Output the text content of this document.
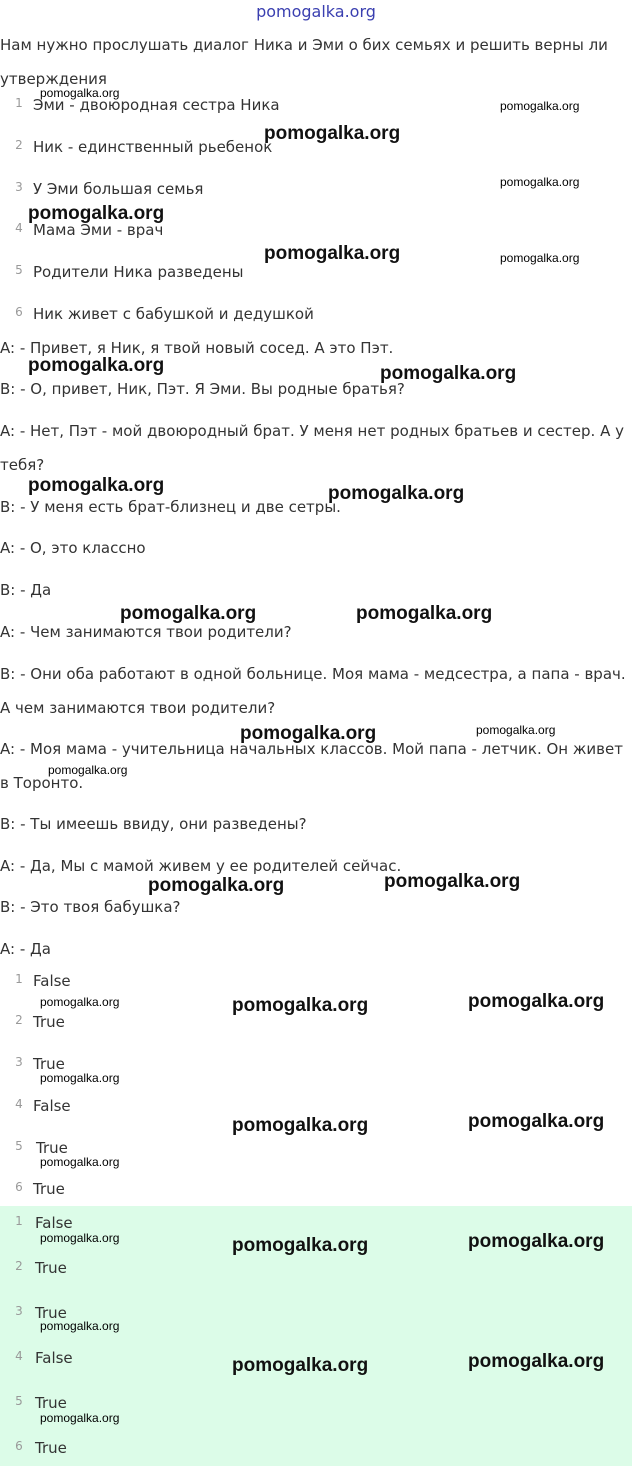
pomogalka.org
Нам нужно прослушать диалог Ника и Эми о бих семьях и решить верны ли утверждения
1 Эми - двоюродная сестра Ника
2 Ник - единственный рьебенок
3 У Эми большая семья
4 Мама Эми - врач
5 Родители Ника разведены
6 Ник живет с бабушкой и дедушкой
A: - Привет, я Ник, я твой новый сосед. А это Пэт.
B: - О, привет, Ник, Пэт. Я Эми. Вы родные братья?
A: - Нет, Пэт - мой двоюродный брат. У меня нет родных братьев и сестер. А у тебя?
B: - У меня есть брат-близнец и две сетры.
A: - О, это классно
B: - Да
A: - Чем занимаются твои родители?
B: - Они оба работают в одной больнице. Моя мама - медсестра, а папа - врач. А чем занимаются твои родители?
A: - Моя мама - учительница начальных классов. Мой папа - летчик. Он живет в Торонто.
B: - Ты имеешь ввиду, они разведены?
A: - Да, Мы с мамой живем у ее родителей сейчас.
B: - Это твоя бабушка?
A: - Да
1 False
2 True
3 True
4 False
5 True
6 True
1 False
2 True
3 True
4 False
5 True
6 True
pomogalka.org
pomogalka.org
pomogalka.org
pomogalka.org
pomogalka.org
pomogalka.org	pomogalka.org
pomogalka.org	pomogalka.org
pomogalka.org	pomogalka.org
pomogalka.org	pomogalka.org
pomogalka.org	pomogalka.org
pomogalka.org
pomogalka.org	pomogalka.org
pomogalka.org	pomogalka.org	pomogalka.org
pomogalka.org
pomogalka.org	pomogalka.org
pomogalka.org
pomogalka.org	pomogalka.org	pomogalka.org
pomogalka.org
pomogalka.org	pomogalka.org
pomogalka.org
